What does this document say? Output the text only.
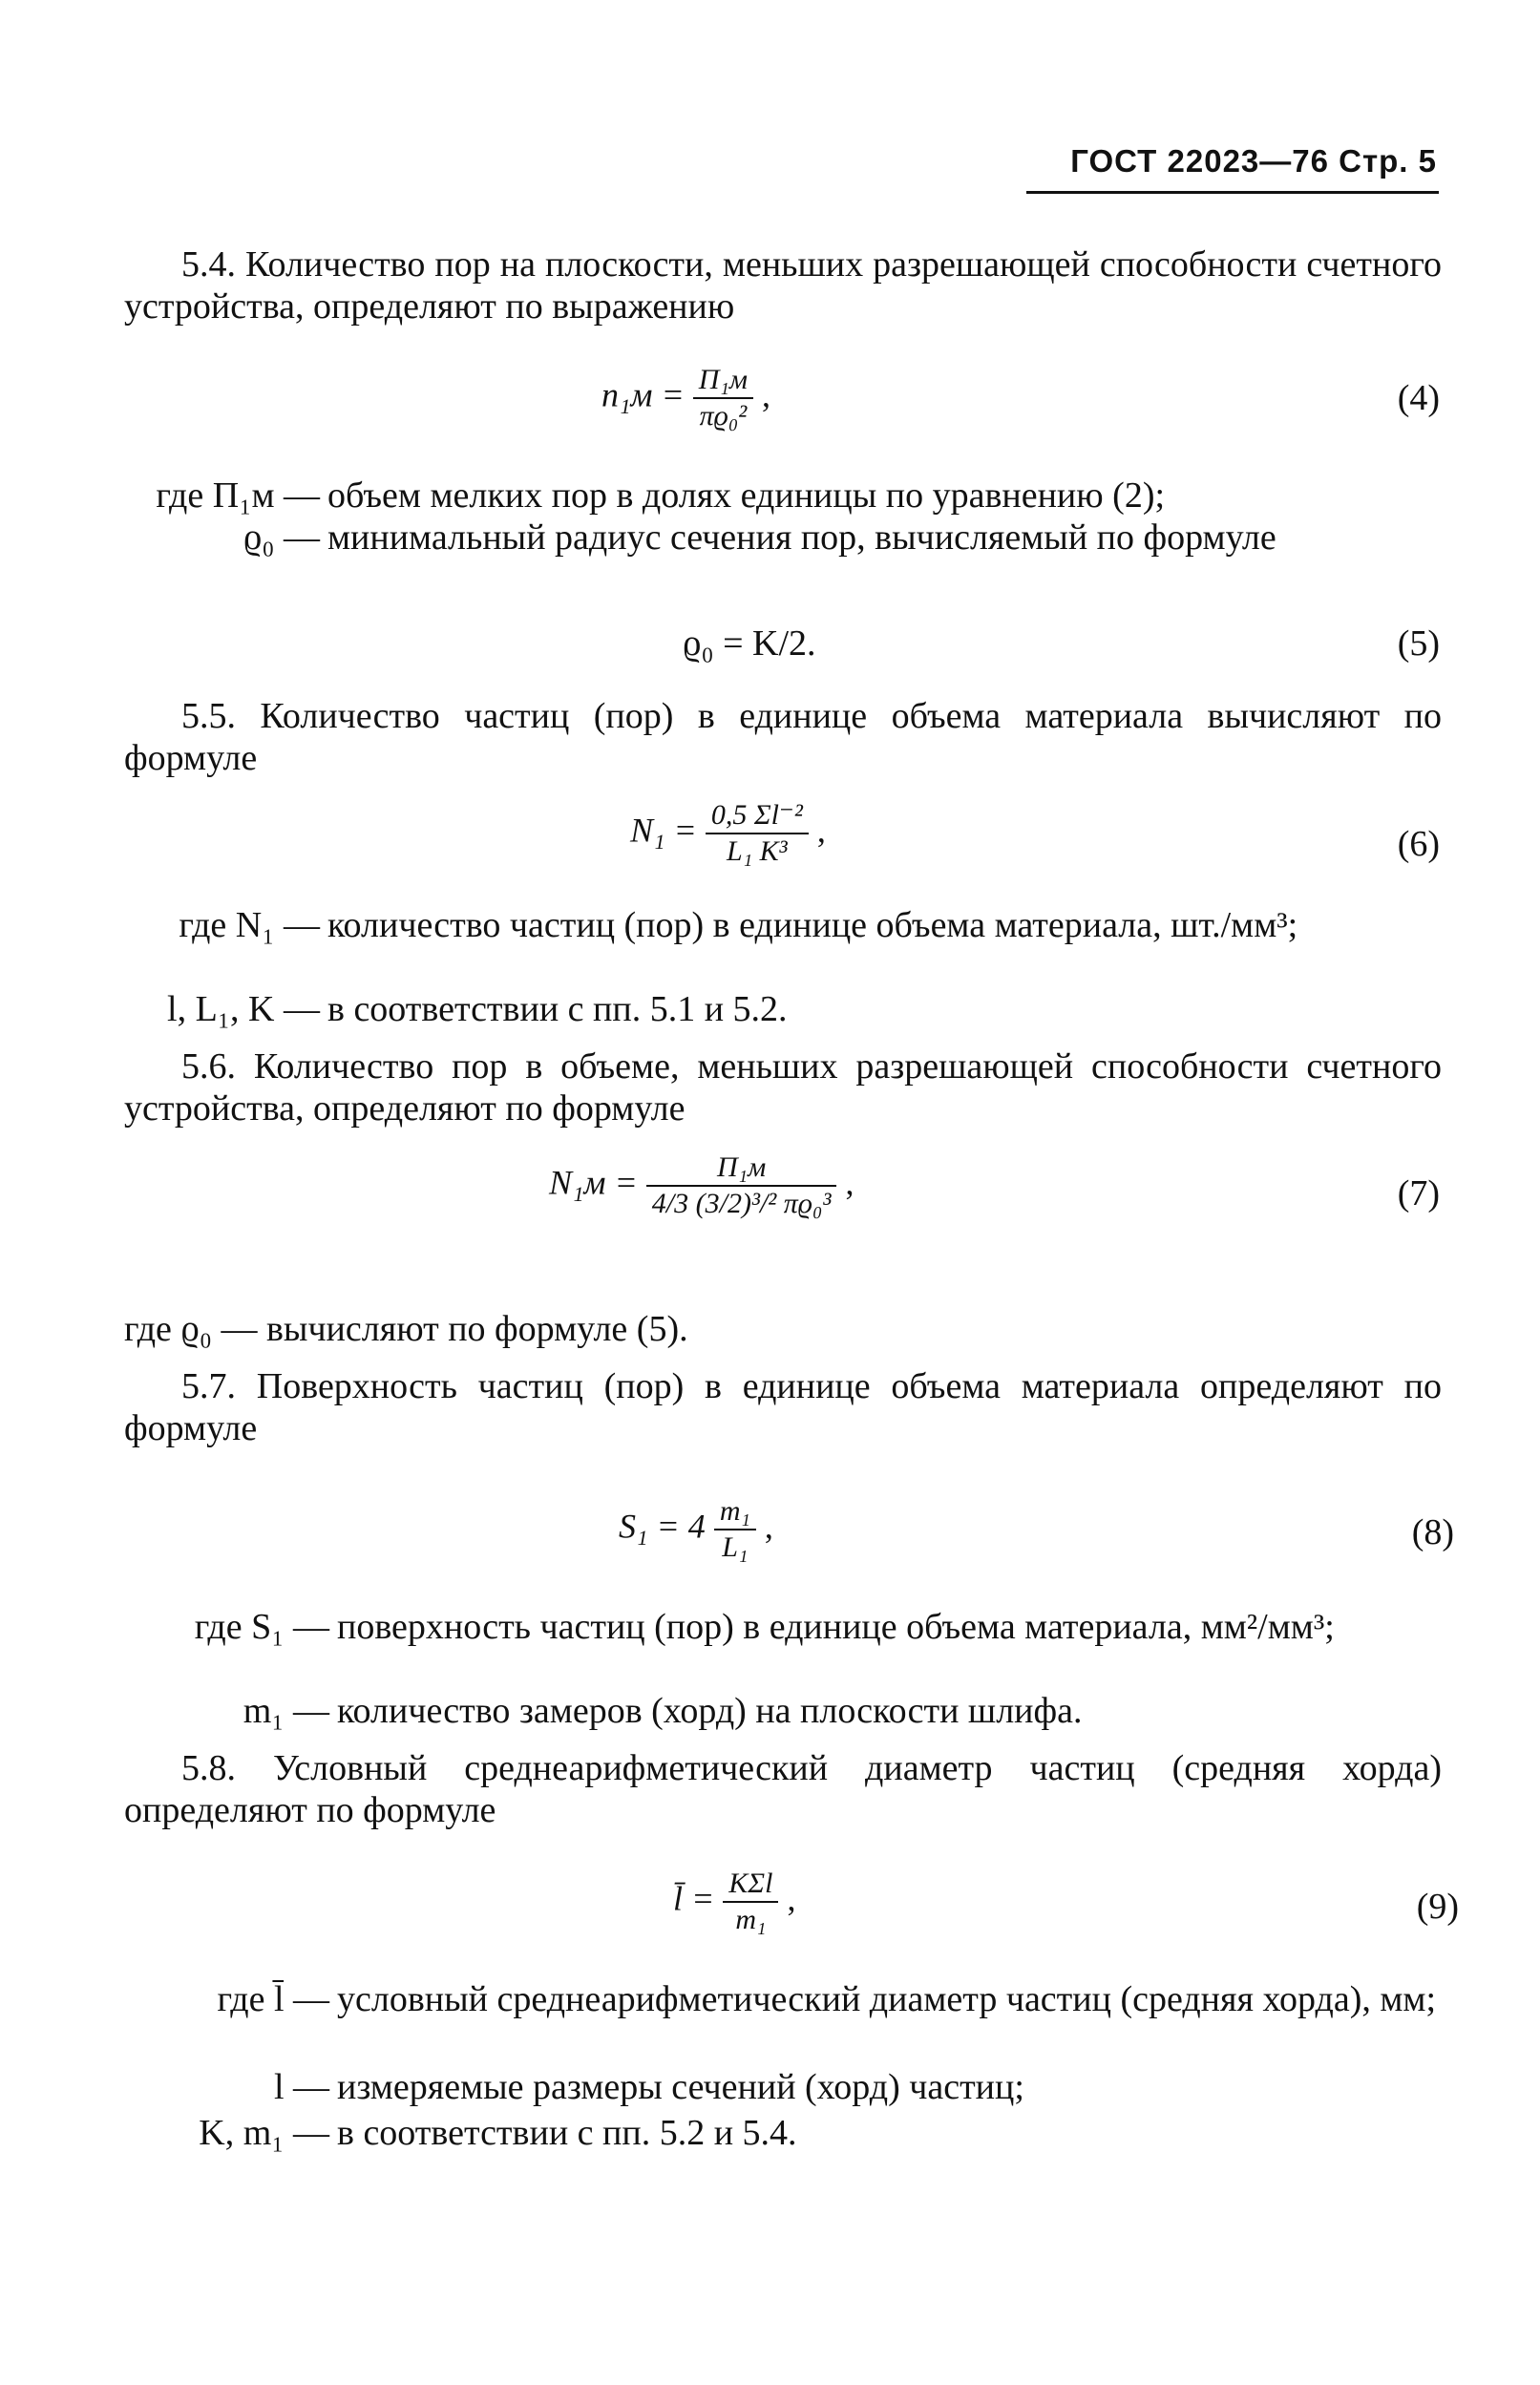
ГОСТ 22023—76 Стр. 5
5.4. Количество пор на плоскости, меньших разрешающей способности счетного устройства, определяют по выражению
$n_1м = \frac{\text{П₁м}}{\text{πϱ₀²}}$ ,	(4)
где П₁м — объем мелких пор в долях единицы по уравнению (2);
ϱ₀ — минимальный радиус сечения пор, вычисляемый по формуле
ϱ₀ = K/2.	(5)
5.5. Количество частиц (пор) в единице объема материала вычисляют по формуле
$N_1 = \frac{\text{0,5 Σl⁻²}}{\text{L₁ K³}}$ ,	(6)
где N₁ — количество частиц (пор) в единице объема материала, шт./мм³;
l, L₁, K — в соответствии с пп. 5.1 и 5.2.
5.6. Количество пор в объеме, меньших разрешающей способности счетного устройства, определяют по формуле
$N_1м = \frac{\text{П₁м}}{\text{4/3 (3/2)³/² πϱ₀³}}$ ,	(7)
где ϱ₀ — вычисляют по формуле (5).
5.7. Поверхность частиц (пор) в единице объема материала определяют по формуле
$S_1 = 4 \frac{\text{m₁}}{\text{L₁}}$ ,	(8)
где S₁ — поверхность частиц (пор) в единице объема материала, мм²/мм³;
m₁ — количество замеров (хорд) на плоскости шлифа.
5.8. Условный среднеарифметический диаметр частиц (средняя хорда) определяют по формуле
l̄ = $\frac{\text{KΣl}}{\text{m₁}}$ ,	(9)
где l̄ — условный среднеарифметический диаметр частиц (средняя хорда), мм;
l — измеряемые размеры сечений (хорд) частиц;
K, m₁ — в соответствии с пп. 5.2 и 5.4.
